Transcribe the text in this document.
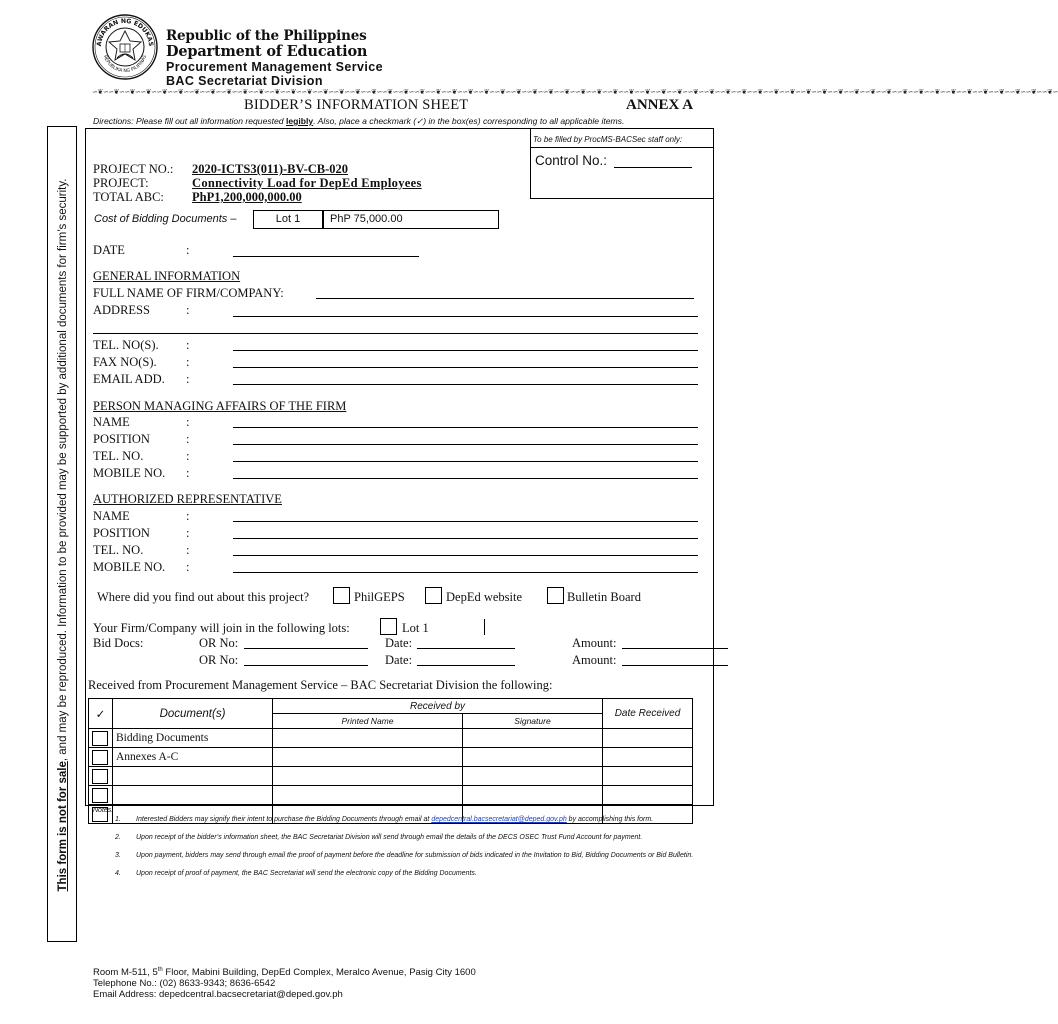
AWARAN NG EDUKAS
REPUBLIKA NG PILIPINAS
Republic of the Philippines
Department of Education
Procurement Management Service
BAC Secretariat Division
∽❦∽∽❦∽∽❦∽∽❦∽∽❦∽∽❦∽∽❦∽∽❦∽∽❦∽∽❦∽∽❦∽∽❦∽∽❦∽∽❦∽∽❦∽∽❦∽∽❦∽∽❦∽∽❦∽∽❦∽∽❦∽∽❦∽∽❦∽∽❦∽∽❦∽∽❦∽∽❦∽∽❦∽∽❦∽∽❦∽∽❦∽∽❦∽∽❦∽∽❦∽∽❦∽∽❦∽∽❦∽∽❦∽∽❦∽∽❦∽∽❦∽∽❦∽∽❦∽∽❦∽∽❦∽∽❦∽∽❦∽∽❦∽∽❦∽∽❦∽∽❦∽∽❦∽∽❦∽∽❦∽∽❦∽∽❦∽∽❦∽∽❦∽∽❦∽∽❦∽
BIDDER’S INFORMATION SHEET	ANNEX A
Directions: Please fill out all information requested legibly. Also, place a checkmark (✓) in the box(es) corresponding to all applicable items.
This form is not for sale, and may be reproduced. Information to be provided may be supported by additional documents for firm’s security.
To be filled by ProcMS-BACSec staff only:
Control No.:
PROJECT NO.: 2020-ICTS3(011)-BV-CB-020
PROJECT:	Connectivity Load for DepEd Employees
TOTAL ABC: PhP1,200,000,000.00
Cost of Bidding Documents –	Lot 1	PhP 75,000.00
DATE	:
GENERAL INFORMATION
FULL NAME OF FIRM/COMPANY:
ADDRESS	:
TEL. NO(S). :
FAX NO(S). :
EMAIL ADD. :
PERSON MANAGING AFFAIRS OF THE FIRM
NAME	:
POSITION	:
TEL. NO.	:
MOBILE NO. :
AUTHORIZED REPRESENTATIVE
NAME	:
POSITION	:
TEL. NO.	:
MOBILE NO. :
Where did you find out about this project?	PhilGEPS	DepEd website	Bulletin Board
Your Firm/Company will join in the following lots:	Lot 1
Bid Docs:	OR No:	Date:	Amount:
OR No:	Date:	Amount:
Received from Procurement Management Service – BAC Secretariat Division the following:
✓	Document(s)	Received by		Date Received
		Printed Name	Signature	

	Bidding Documents			

	Annexes A-C			

Notes:
1. Interested Bidders may signify their intent to purchase the Bidding Documents through email at depedcentral.bacsecretariat@deped.gov.ph by accomplishing this form.
2. Upon receipt of the bidder’s information sheet, the BAC Secretariat Division will send through email the details of the DECS OSEC Trust Fund Account for payment.
3. Upon payment, bidders may send through email the proof of payment before the deadline for submission of bids indicated in the Invitation to Bid, Bidding Documents or Bid Bulletin.
4. Upon receipt of proof of payment, the BAC Secretariat will send the electronic copy of the Bidding Documents.
Room M-511, 5th Floor, Mabini Building, DepEd Complex, Meralco Avenue, Pasig City 1600
Telephone No.: (02) 8633-9343; 8636-6542
Email Address: depedcentral.bacsecretariat@deped.gov.ph
